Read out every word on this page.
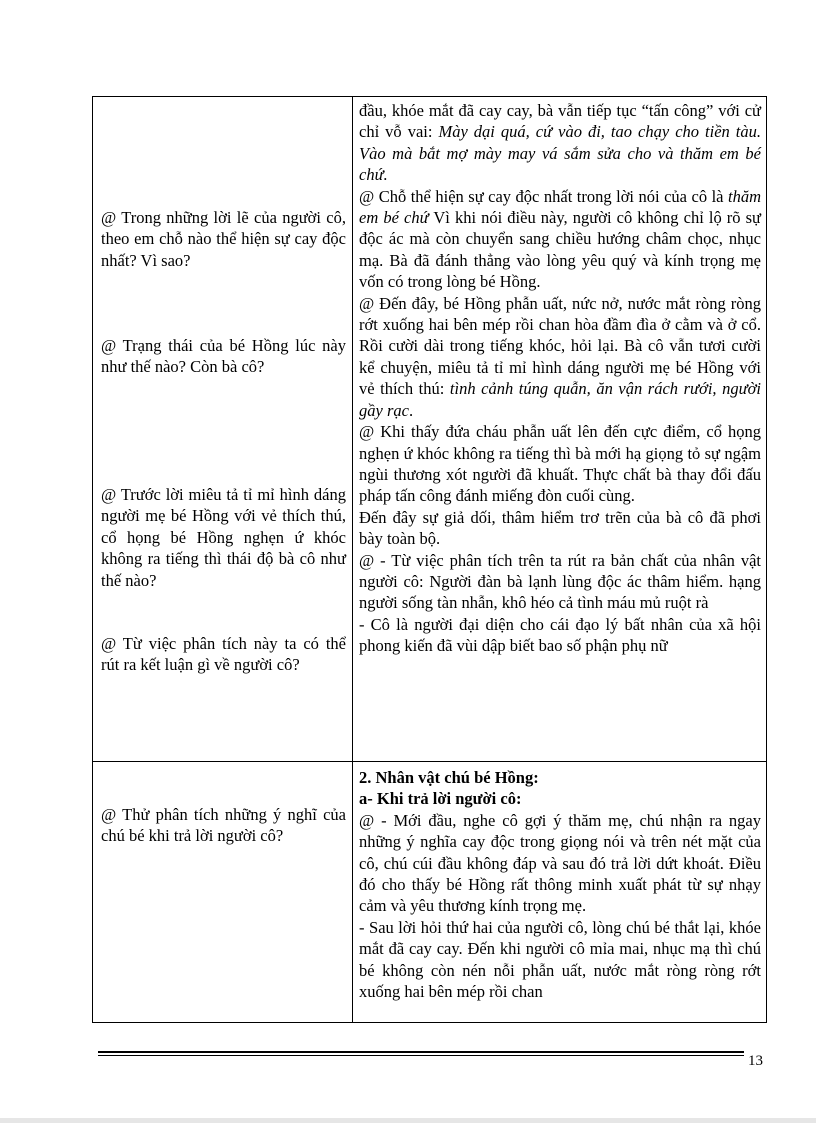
@ Trong những lời lẽ của người cô, theo em chỗ nào thể hiện sự cay độc nhất? Vì sao?
@ Trạng thái của bé Hồng lúc này như thế nào? Còn bà cô?
@ Trước lời miêu tả tỉ mỉ hình dáng người mẹ bé Hồng với vẻ thích thú, cổ họng bé Hồng nghẹn ứ khóc không ra tiếng thì thái độ bà cô như thế nào?
@ Từ việc phân tích này ta có thể rút ra kết luận gì về người cô?

đầu, khóe mắt đã cay cay, bà vẫn tiếp tục “tấn công” với cử chỉ vỗ vai: Mày dại quá, cứ vào đi, tao chạy cho tiền tàu. Vào mà bắt mợ mày may vá sắm sửa cho và thăm em bé chứ.

@ Chỗ thể hiện sự cay độc nhất trong lời nói của cô là thăm em bé chứ Vì khi nói điều này, người cô không chỉ lộ rõ sự độc ác mà còn chuyển sang chiều hướng châm chọc, nhục mạ. Bà đã đánh thẳng vào lòng yêu quý và kính trọng mẹ vốn có trong lòng bé Hồng.

@ Đến đây, bé Hồng phẫn uất, nức nở, nước mắt ròng ròng rớt xuống hai bên mép rồi chan hòa đầm đìa ở cằm và ở cổ. Rồi cười dài trong tiếng khóc, hỏi lại. Bà cô vẫn tươi cười kể chuyện, miêu tả tỉ mỉ hình dáng người mẹ bé Hồng với vẻ thích thú: tình cảnh túng quẫn, ăn vận rách rưới, người gầy rạc.

@ Khi thấy đứa cháu phẫn uất lên đến cực điểm, cổ họng nghẹn ứ khóc không ra tiếng thì bà mới hạ giọng tỏ sự ngậm ngùi thương xót người đã khuất. Thực chất bà thay đổi đấu pháp tấn công đánh miếng đòn cuối cùng.

Đến đây sự giả dối, thâm hiểm trơ trẽn của bà cô đã phơi bày toàn bộ.

@ - Từ việc phân tích trên ta rút ra bản chất của nhân vật người cô: Người đàn bà lạnh lùng độc ác thâm hiểm. hạng người sống tàn nhẫn, khô héo cả tình máu mủ ruột rà

- Cô là người đại diện cho cái đạo lý bất nhân của xã hội phong kiến đã vùi dập biết bao số phận phụ nữ

@ Thử phân tích những ý nghĩ của chú bé khi trả lời người cô?

2. Nhân vật chú bé Hồng:

a- Khi trả lời người cô:

@ - Mới đầu, nghe cô gợi ý thăm mẹ, chú nhận ra ngay những ý nghĩa cay độc trong giọng nói và trên nét mặt của cô, chú cúi đầu không đáp và sau đó trả lời dứt khoát. Điều đó cho thấy bé Hồng rất thông minh xuất phát từ sự nhạy cảm và yêu thương kính trọng mẹ.

- Sau lời hỏi thứ hai của người cô, lòng chú bé thắt lại, khóe mắt đã cay cay. Đến khi người cô mỉa mai, nhục mạ thì chú bé không còn nén nỗi phẫn uất, nước mắt ròng ròng rớt xuống hai bên mép rồi chan

13
